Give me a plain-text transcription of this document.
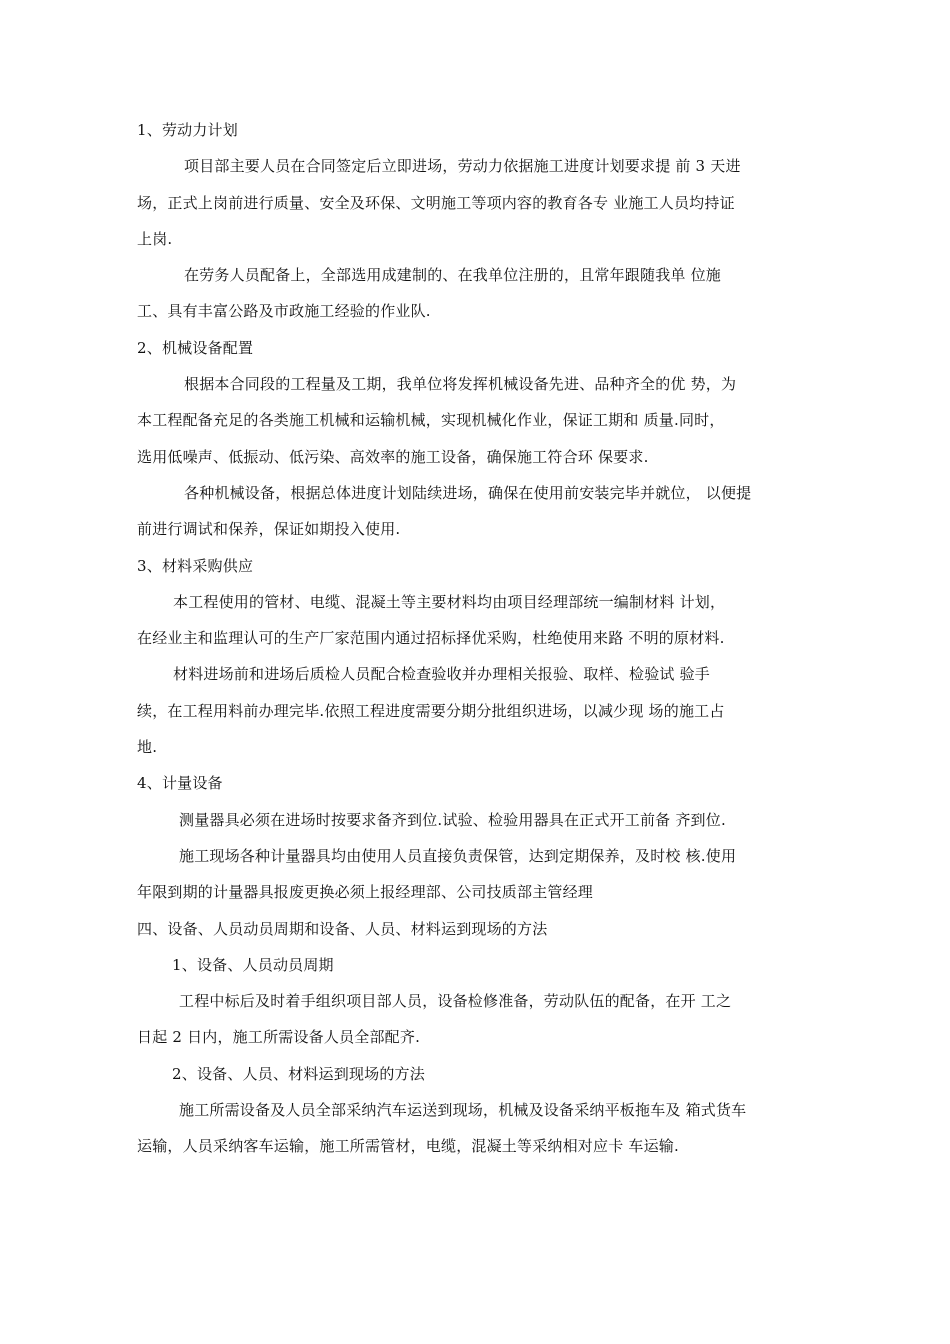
1、劳动力计划
项目部主要人员在合同签定后立即进场，劳动力依据施工进度计划要求提 前 3 天进
场，正式上岗前进行质量、安全及环保、文明施工等项内容的教育各专 业施工人员均持证
上岗.
在劳务人员配备上，全部选用成建制的、在我单位注册的，且常年跟随我单 位施
工、具有丰富公路及市政施工经验的作业队.
2、机械设备配置
根据本合同段的工程量及工期，我单位将发挥机械设备先进、品种齐全的优 势，为
本工程配备充足的各类施工机械和运输机械，实现机械化作业，保证工期和 质量.同时，
选用低噪声、低振动、低污染、高效率的施工设备，确保施工符合环 保要求.
各种机械设备，根据总体进度计划陆续进场，确保在使用前安装完毕并就位， 以便提
前进行调试和保养，保证如期投入使用.
3、材料采购供应
本工程使用的管材、电缆、混凝土等主要材料均由项目经理部统一编制材料 计划，
在经业主和监理认可的生产厂家范围内通过招标择优采购，杜绝使用来路 不明的原材料.
材料进场前和进场后质检人员配合检查验收并办理相关报验、取样、检验试 验手
续，在工程用料前办理完毕.依照工程进度需要分期分批组织进场，以减少现 场的施工占
地.
4、计量设备
测量器具必须在进场时按要求备齐到位.试验、检验用器具在正式开工前备 齐到位.
施工现场各种计量器具均由使用人员直接负责保管，达到定期保养，及时校 核.使用
年限到期的计量器具报废更换必须上报经理部、公司技质部主管经理
四、设备、人员动员周期和设备、人员、材料运到现场的方法
1、设备、人员动员周期
工程中标后及时着手组织项目部人员，设备检修准备，劳动队伍的配备，在开 工之
日起 2 日内，施工所需设备人员全部配齐.
2、设备、人员、材料运到现场的方法
施工所需设备及人员全部采纳汽车运送到现场，机械及设备采纳平板拖车及 箱式货车
运输，人员采纳客车运输，施工所需管材，电缆，混凝土等采纳相对应卡 车运输.
